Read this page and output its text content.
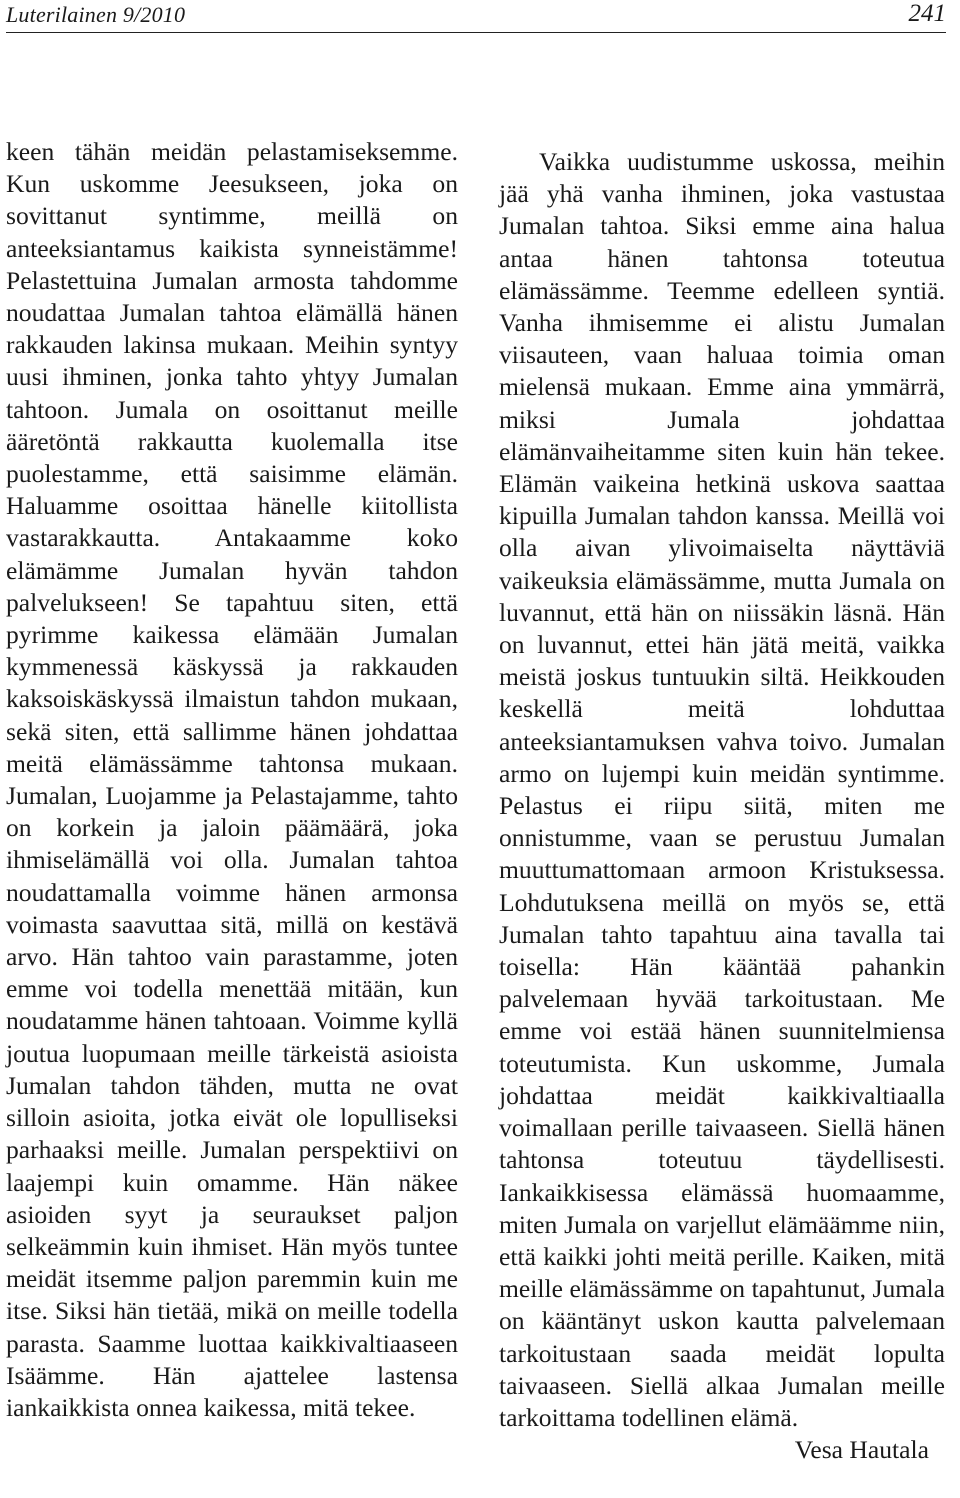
Luterilainen 9/2010	241

keen tähän meidän pelastamiseksemme. Kun uskomme Jeesukseen, joka on sovittanut syntimme, meillä on anteeksiantamus kaikista synneistämme! Pelastettuina Jumalan armosta tahdomme noudattaa Jumalan tahtoa elämällä hänen rakkauden lakinsa mukaan. Meihin syntyy uusi ihminen, jonka tahto yhtyy Jumalan tahtoon. Jumala on osoittanut meille ääretöntä rakkautta kuolemalla itse puolestamme, että saisimme elämän. Haluamme osoittaa hänelle kiitollista vastarakkautta. Antakaamme koko elämämme Jumalan hyvän tahdon palvelukseen! Se tapahtuu siten, että pyrimme kaikessa elämään Jumalan kymmenessä käskyssä ja rakkauden kaksoiskäskyssä ilmaistun tahdon mukaan, sekä siten, että sallimme hänen johdattaa meitä elämässämme tahtonsa mukaan. Jumalan, Luojamme ja Pelastajamme, tahto on korkein ja jaloin päämäärä, joka ihmiselämällä voi olla. Jumalan tahtoa noudattamalla voimme hänen armonsa voimasta saavuttaa sitä, millä on kestävä arvo. Hän tahtoo vain parastamme, joten emme voi todella menettää mitään, kun noudatamme hänen tahtoaan. Voimme kyllä joutua luopumaan meille tärkeistä asioista Jumalan tahdon tähden, mutta ne ovat silloin asioita, jotka eivät ole lopulliseksi parhaaksi meille. Jumalan perspektiivi on laajempi kuin omamme. Hän näkee asioiden syyt ja seuraukset paljon selkeämmin kuin ihmiset. Hän myös tuntee meidät itsemme paljon paremmin kuin me itse. Siksi hän tietää, mikä on meille todella parasta. Saamme luottaa kaikkivaltiaaseen Isäämme. Hän ajattelee lastensa iankaikkista onnea kaikessa, mitä tekee.

Vaikka uudistumme uskossa, meihin jää yhä vanha ihminen, joka vastustaa Jumalan tahtoa. Siksi emme aina halua antaa hänen tahtonsa toteutua elämässämme. Teemme edelleen syntiä. Vanha ihmisemme ei alistu Jumalan viisauteen, vaan haluaa toimia oman mielensä mukaan. Emme aina ymmärrä, miksi Jumala johdattaa elämänvaiheitamme siten kuin hän tekee. Elämän vaikeina hetkinä uskova saattaa kipuilla Jumalan tahdon kanssa. Meillä voi olla aivan ylivoimaiselta näyttäviä vaikeuksia elämässämme, mutta Jumala on luvannut, että hän on niissäkin läsnä. Hän on luvannut, ettei hän jätä meitä, vaikka meistä joskus tuntuukin siltä. Heikkouden keskellä meitä lohduttaa anteeksiantamuksen vahva toivo. Jumalan armo on lujempi kuin meidän syntimme. Pelastus ei riipu siitä, miten me onnistumme, vaan se perustuu Jumalan muuttumattomaan armoon Kristuksessa. Lohdutuksena meillä on myös se, että Jumalan tahto tapahtuu aina tavalla tai toisella: Hän kääntää pahankin palvelemaan hyvää tarkoitustaan. Me emme voi estää hänen suunnitelmiensa toteutumista. Kun uskomme, Jumala johdattaa meidät kaikkivaltiaalla voimallaan perille taivaaseen. Siellä hänen tahtonsa toteutuu täydellisesti. Iankaikkisessa elämässä huomaamme, miten Jumala on varjellut elämäämme niin, että kaikki johti meitä perille. Kaiken, mitä meille elämässämme on tapahtunut, Jumala on kääntänyt uskon kautta palvelemaan tarkoitustaan saada meidät lopulta taivaaseen. Siellä alkaa Jumalan meille tarkoittama todellinen elämä.

Vesa Hautala
